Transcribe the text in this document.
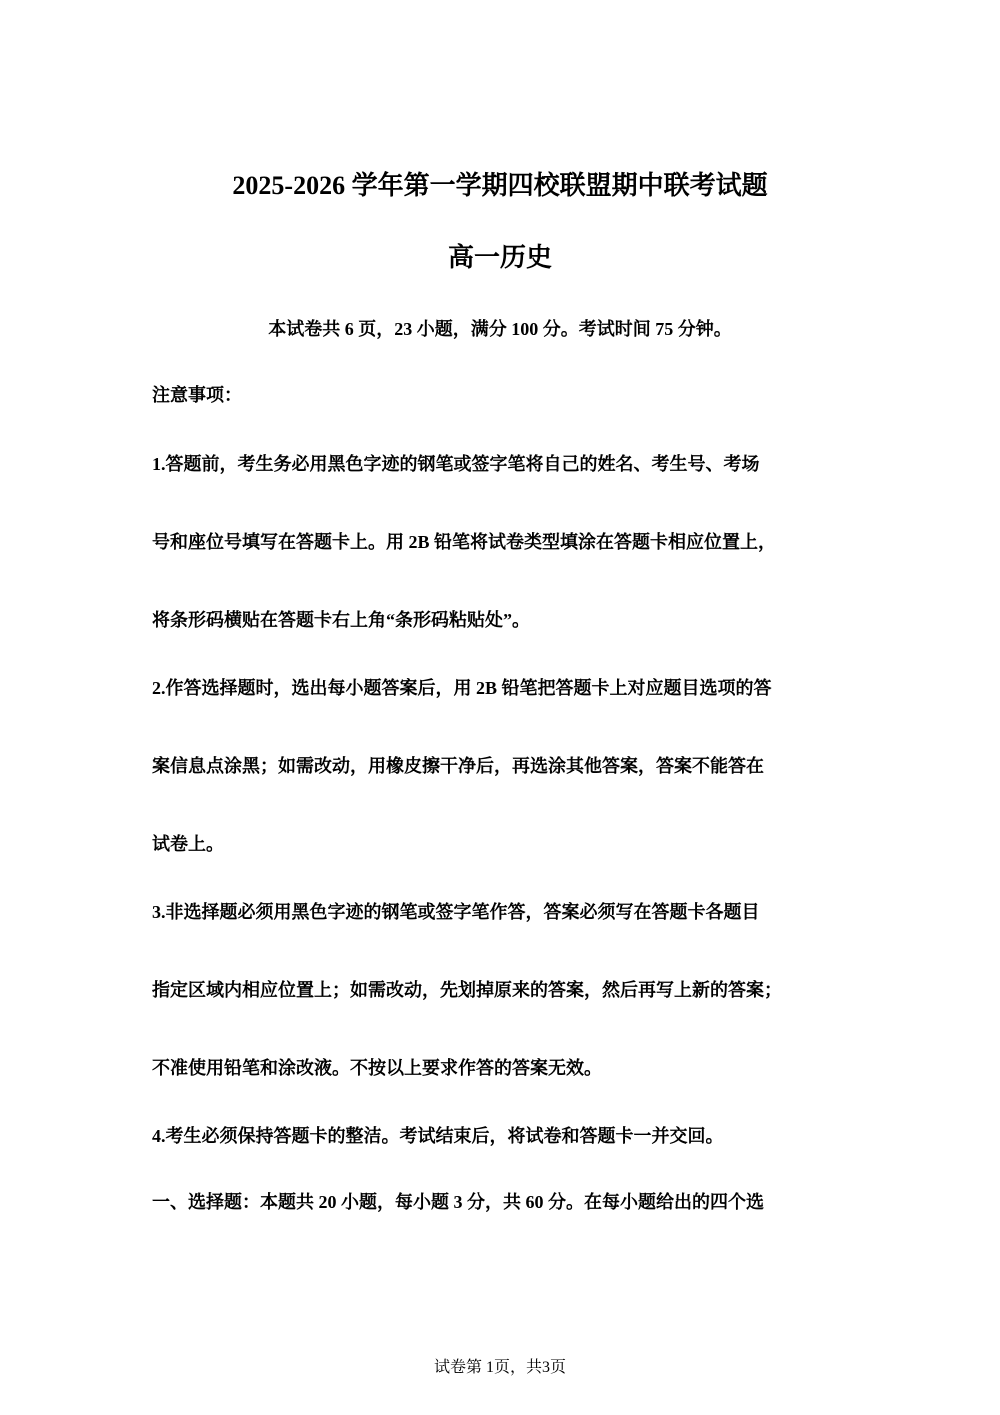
2025-2026 学年第一学期四校联盟期中联考试题
高一历史
本试卷共 6 页，23 小题，满分 100 分。考试时间 75 分钟。
注意事项：
1.答题前，考生务必用黑色字迹的钢笔或签字笔将自己的姓名、考生号、考场
号和座位号填写在答题卡上。用 2B 铅笔将试卷类型填涂在答题卡相应位置上，
将条形码横贴在答题卡右上角“条形码粘贴处”。
2.作答选择题时，选出每小题答案后，用 2B 铅笔把答题卡上对应题目选项的答
案信息点涂黑；如需改动，用橡皮擦干净后，再选涂其他答案，答案不能答在
试卷上。
3.非选择题必须用黑色字迹的钢笔或签字笔作答，答案必须写在答题卡各题目
指定区域内相应位置上；如需改动，先划掉原来的答案，然后再写上新的答案；
不准使用铅笔和涂改液。不按以上要求作答的答案无效。
4.考生必须保持答题卡的整洁。考试结束后，将试卷和答题卡一并交回。
一、选择题：本题共 20 小题，每小题 3 分，共 60 分。在每小题给出的四个选
试卷第 1页，共3页
